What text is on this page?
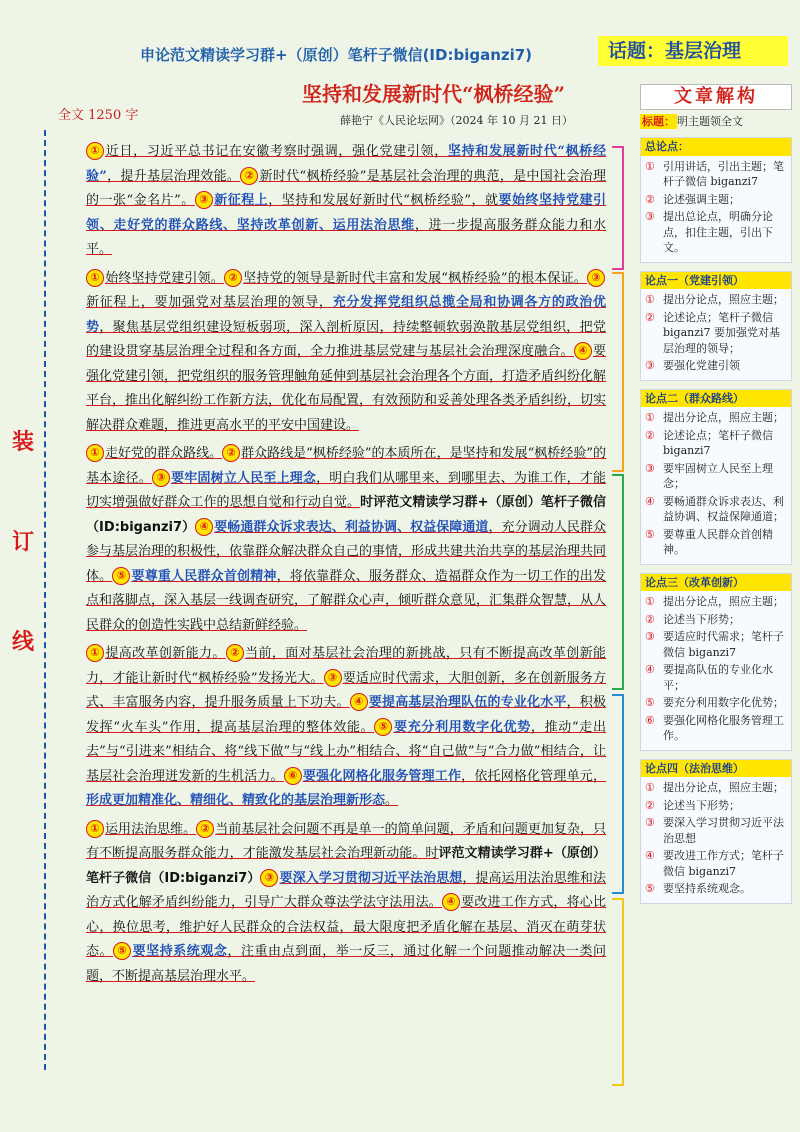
申论范文精读学习群+（原创）笔杆子微信(ID:biganzi7)	话题：基层治理
坚持和发展新时代“枫桥经验”
薛艳宁《人民论坛网》（2024 年 10 月 21 日）
全文 1250 字
装
订
线

① 近日，习近平总书记在安徽考察时强调，强化党建引领，坚持和发展新时代“枫桥经验”，提升基层治理效能。 ② 新时代“枫桥经验”是基层社会治理的典范，是中国社会治理的一张“金名片”。 ③ 新征程上，坚持和发展好新时代“枫桥经验”，就要始终坚持党建引领、走好党的群众路线、坚持改革创新、运用法治思维，进一步提高服务群众能力和水平。

① 始终坚持党建引领。 ② 坚持党的领导是新时代丰富和发展“枫桥经验”的根本保证。 ③新征程上，要加强党对基层治理的领导，充分发挥党组织总揽全局和协调各方的政治优势，聚焦基层党组织建设短板弱项，深入剖析原因，持续整顿软弱涣散基层党组织，把党的建设贯穿基层治理全过程和各方面，全力推进基层党建与基层社会治理深度融合。 ④ 要强化党建引领，把党组织的服务管理触角延伸到基层社会治理各个方面，打造矛盾纠纷化解平台，推出化解纠纷工作新方法，优化布局配置，有效预防和妥善处理各类矛盾纠纷，切实解决群众难题，推进更高水平的平安中国建设。

① 走好党的群众路线。 ② 群众路线是“枫桥经验”的本质所在，是坚持和发展“枫桥经验”的基本途径。 ③ 要牢固树立人民至上理念，明白我们从哪里来、到哪里去、为谁工作，才能切实增强做好群众工作的思想自觉和行动自觉。时评范文精读学习群+（原创）笔杆子微信（ID:biganzi7） ④ 要畅通群众诉求表达、利益协调、权益保障通道，充分调动人民群众参与基层治理的积极性，依靠群众解决群众自己的事情，形成共建共治共享的基层治理共同体。 ⑤ 要尊重人民群众首创精神，将依靠群众、服务群众、造福群众作为一切工作的出发点和落脚点，深入基层一线调查研究，了解群众心声，倾听群众意见，汇集群众智慧，从人民群众的创造性实践中总结新鲜经验。

① 提高改革创新能力。 ② 当前，面对基层社会治理的新挑战，只有不断提高改革创新能力，才能让新时代“枫桥经验”发扬光大。 ③ 要适应时代需求，大胆创新，多在创新服务方式、丰富服务内容，提升服务质量上下功夫。 ④ 要提高基层治理队伍的专业化水平，积极发挥“火车头”作用，提高基层治理的整体效能。 ⑤ 要充分利用数字化优势，推动“走出去”与“引进来”相结合、将“线下做”与“线上办”相结合、将“自己做”与“合力做”相结合，让基层社会治理迸发新的生机活力。 ⑥ 要强化网格化服务管理工作，依托网格化管理单元，形成更加精准化、精细化、精致化的基层治理新形态。

① 运用法治思维。 ② 当前基层社会问题不再是单一的简单问题，矛盾和问题更加复杂，只有不断提高服务群众能力，才能激发基层社会治理新动能。时评范文精读学习群+（原创）笔杆子微信（ID:biganzi7） ③ 要深入学习贯彻习近平法治思想，提高运用法治思维和法治方式化解矛盾纠纷能力，引导广大群众尊法学法守法用法。 ④ 要改进工作方式，将心比心，换位思考，维护好人民群众的合法权益，最大限度把矛盾化解在基层、消灭在萌芽状态。 ⑤ 要坚持系统观念，注重由点到面，举一反三，通过化解一个问题推动解决一类问题，不断提高基层治理水平。

文章解构
标题： 明主题领全文
总论点：
① 引用讲话，引出主题；笔杆子微信 biganzi7
② 论述强调主题；
③ 提出总论点，明确分论点，扣住主题，引出下文。
论点一（党建引领）
① 提出分论点，照应主题；
② 论述论点；笔杆子微信 biganzi7 要加强党对基层治理的领导；
③ 要强化党建引领
论点二（群众路线）
① 提出分论点，照应主题；
② 论述论点；笔杆子微信 biganzi7
③ 要牢固树立人民至上理念；
④ 要畅通群众诉求表达、利益协调、权益保障通道；
⑤ 要尊重人民群众首创精神。
论点三（改革创新）
① 提出分论点，照应主题；
② 论述当下形势；
③ 要适应时代需求；笔杆子微信 biganzi7
④ 要提高队伍的专业化水平；
⑤ 要充分利用数字化优势；
⑥ 要强化网格化服务管理工作。
论点四（法治思维）
① 提出分论点，照应主题；
② 论述当下形势；
③ 要深入学习贯彻习近平法治思想
④ 要改进工作方式；笔杆子微信 biganzi7
⑤ 要坚持系统观念。
